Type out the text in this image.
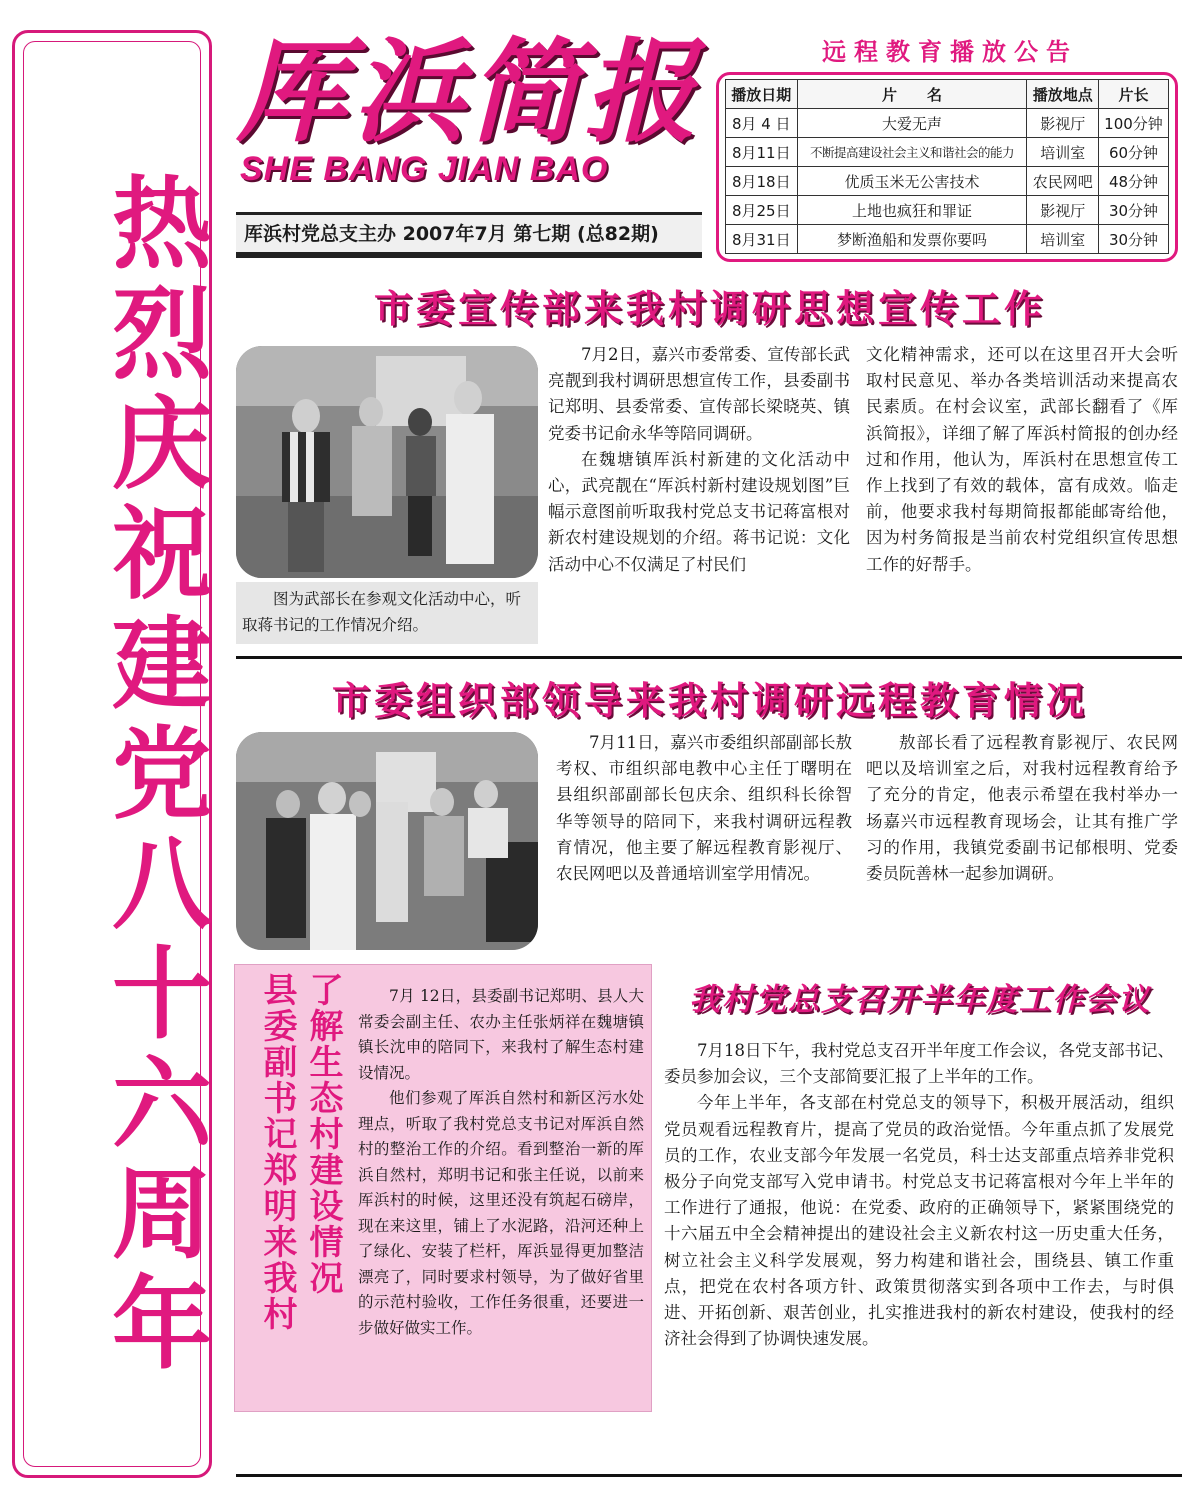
热烈庆祝建党八十六周年
厍浜简报
SHE BANG JIAN BAO
厍浜村党总支主办 2007年7月 第七期 (总82期)
远程教育播放公告
播放日期	片　　名	播放地点	片长
8月 4 日	大爱无声	影视厅	100分钟
8月11日	不断提高建设社会主义和谐社会的能力	培训室	60分钟
8月18日	优质玉米无公害技术	农民网吧	48分钟
8月25日	上地也疯狂和罪证	影视厅	30分钟
8月31日	梦断渔船和发票你要吗	培训室	30分钟
市委宣传部来我村调研思想宣传工作
图为武部长在参观文化活动中心，听取蒋书记的工作情况介绍。

7月2日，嘉兴市委常委、宣传部长武亮靓到我村调研思想宣传工作，县委副书记郑明、县委常委、宣传部长梁晓英、镇党委书记俞永华等陪同调研。

在魏塘镇厍浜村新建的文化活动中心，武亮靓在“厍浜村新村建设规划图”巨幅示意图前听取我村党总支书记蒋富根对新农村建设规划的介绍。蒋书记说：文化活动中心不仅满足了村民们

文化精神需求，还可以在这里召开大会听取村民意见、举办各类培训活动来提高农民素质。在村会议室，武部长翻看了《厍浜简报》，详细了解了厍浜村简报的创办经过和作用，他认为，厍浜村在思想宣传工作上找到了有效的载体，富有成效。临走前，他要求我村每期简报都能邮寄给他，因为村务简报是当前农村党组织宣传思想工作的好帮手。

市委组织部领导来我村调研远程教育情况

7月11日，嘉兴市委组织部副部长敖考权、市组织部电教中心主任丁曙明在县组织部副部长包庆余、组织科长徐智华等领导的陪同下，来我村调研远程教育情况，他主要了解远程教育影视厅、农民网吧以及普通培训室学用情况。

敖部长看了远程教育影视厅、农民网吧以及培训室之后，对我村远程教育给予了充分的肯定，他表示希望在我村举办一场嘉兴市远程教育现场会，让其有推广学习的作用，我镇党委副书记郁根明、党委委员阮善林一起参加调研。

了解生态村建设情况
县委副书记郑明来我村	7月 12日，县委副书记郑明、县人大常委会副主任、农办主任张炳祥在魏塘镇镇长沈申的陪同下，来我村了解生态村建设情况。

他们参观了厍浜自然村和新区污水处理点，听取了我村党总支书记对厍浜自然村的整治工作的介绍。看到整治一新的厍浜自然村，郑明书记和张主任说，以前来厍浜村的时候，这里还没有筑起石磅岸，现在来这里，铺上了水泥路，沿河还种上了绿化、安装了栏杆，厍浜显得更加整洁漂亮了，同时要求村领导，为了做好省里的示范村验收，工作任务很重，还要进一步做好做实工作。

我村党总支召开半年度工作会议

7月18日下午，我村党总支召开半年度工作会议，各党支部书记、委员参加会议，三个支部简要汇报了上半年的工作。

今年上半年，各支部在村党总支的领导下，积极开展活动，组织党员观看远程教育片，提高了党员的政治觉悟。今年重点抓了发展党员的工作，农业支部今年发展一名党员，科士达支部重点培养非党积极分子向党支部写入党申请书。村党总支书记蒋富根对今年上半年的工作进行了通报，他说：在党委、政府的正确领导下，紧紧围绕党的十六届五中全会精神提出的建设社会主义新农村这一历史重大任务，树立社会主义科学发展观，努力构建和谐社会，围绕县、镇工作重点，把党在农村各项方针、政策贯彻落实到各项中工作去，与时俱进、开拓创新、艰苦创业，扎实推进我村的新农村建设，使我村的经济社会得到了协调快速发展。
